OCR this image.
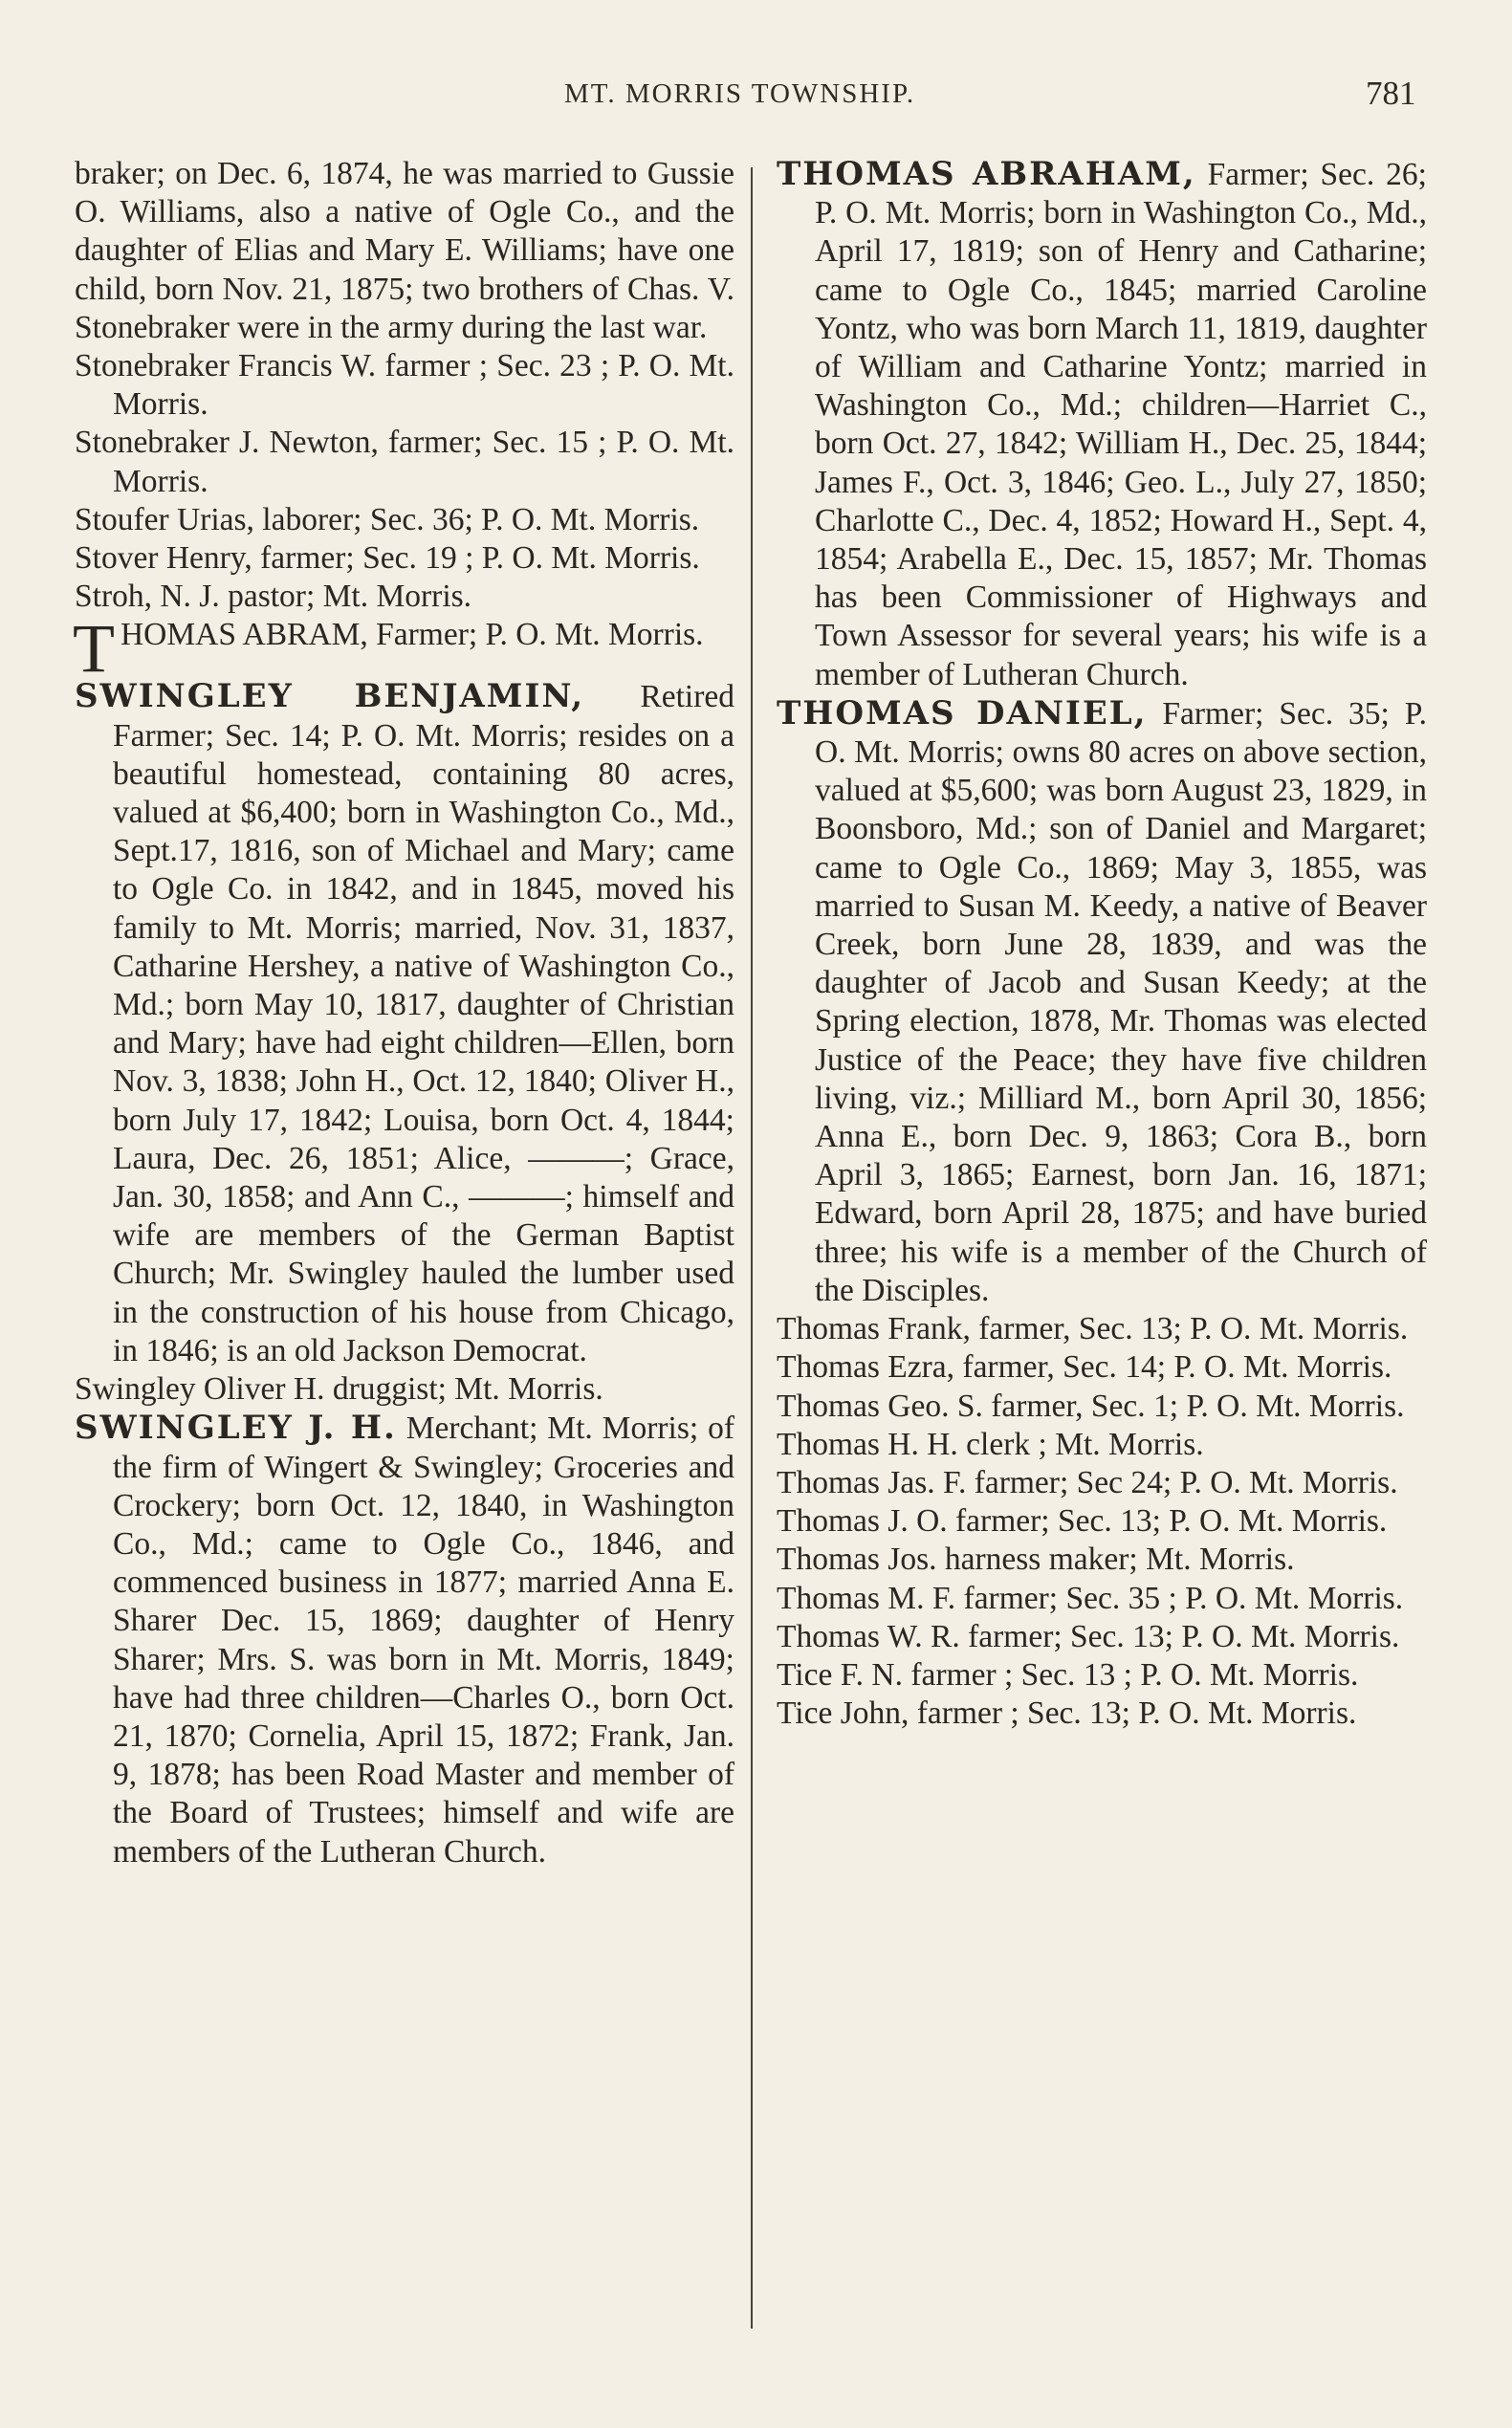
MT. MORRIS TOWNSHIP.	781

braker; on Dec. 6, 1874, he was married to Gussie O. Williams, also a native of Ogle Co., and the daughter of Elias and Mary E. Williams; have one child, born Nov. 21, 1875; two brothers of Chas. V. Stonebraker were in the army during the last war.

Stonebraker Francis W. farmer ; Sec. 23 ; P. O. Mt. Morris.

Stonebraker J. Newton, farmer; Sec. 15 ; P. O. Mt. Morris.

Stoufer Urias, laborer; Sec. 36; P. O. Mt. Morris.

Stover Henry, farmer; Sec. 19 ; P. O. Mt. Morris.

Stroh, N. J. pastor; Mt. Morris.

THOMAS ABRAM, Farmer; P. O. Mt. Morris.

SWINGLEY BENJAMIN, Retired Farmer; Sec. 14; P. O. Mt. Morris; resides on a beautiful homestead, containing 80 acres, valued at $6,400; born in Washington Co., Md., Sept.17, 1816, son of Michael and Mary; came to Ogle Co. in 1842, and in 1845, moved his family to Mt. Morris; married, Nov. 31, 1837, Catharine Hershey, a native of Washington Co., Md.; born May 10, 1817, daughter of Christian and Mary; have had eight children—Ellen, born Nov. 3, 1838; John H., Oct. 12, 1840; Oliver H., born July 17, 1842; Louisa, born Oct. 4, 1844; Laura, Dec. 26, 1851; Alice, ———; Grace, Jan. 30, 1858; and Ann C., ———; himself and wife are members of the German Baptist Church; Mr. Swingley hauled the lumber used in the construction of his house from Chicago, in 1846; is an old Jackson Democrat.

Swingley Oliver H. druggist; Mt. Morris.

SWINGLEY J. H. Merchant; Mt. Morris; of the firm of Wingert & Swingley; Groceries and Crockery; born Oct. 12, 1840, in Washington Co., Md.; came to Ogle Co., 1846, and commenced business in 1877; married Anna E. Sharer Dec. 15, 1869; daughter of Henry Sharer; Mrs. S. was born in Mt. Morris, 1849; have had three children—Charles O., born Oct. 21, 1870; Cornelia, April 15, 1872; Frank, Jan. 9, 1878; has been Road Master and member of the Board of Trustees; himself and wife are members of the Lutheran Church.

THOMAS ABRAHAM, Farmer; Sec. 26; P. O. Mt. Morris; born in Washington Co., Md., April 17, 1819; son of Henry and Catharine; came to Ogle Co., 1845; married Caroline Yontz, who was born March 11, 1819, daughter of William and Catharine Yontz; married in Washington Co., Md.; children—Harriet C., born Oct. 27, 1842; William H., Dec. 25, 1844; James F., Oct. 3, 1846; Geo. L., July 27, 1850; Charlotte C., Dec. 4, 1852; Howard H., Sept. 4, 1854; Arabella E., Dec. 15, 1857; Mr. Thomas has been Commissioner of Highways and Town Assessor for several years; his wife is a member of Lutheran Church.

THOMAS DANIEL, Farmer; Sec. 35; P. O. Mt. Morris; owns 80 acres on above section, valued at $5,600; was born August 23, 1829, in Boonsboro, Md.; son of Daniel and Margaret; came to Ogle Co., 1869; May 3, 1855, was married to Susan M. Keedy, a native of Beaver Creek, born June 28, 1839, and was the daughter of Jacob and Susan Keedy; at the Spring election, 1878, Mr. Thomas was elected Justice of the Peace; they have five children living, viz.; Milliard M., born April 30, 1856; Anna E., born Dec. 9, 1863; Cora B., born April 3, 1865; Earnest, born Jan. 16, 1871; Edward, born April 28, 1875; and have buried three; his wife is a member of the Church of the Disciples.

Thomas Frank, farmer, Sec. 13; P. O. Mt. Morris.

Thomas Ezra, farmer, Sec. 14; P. O. Mt. Morris.

Thomas Geo. S. farmer, Sec. 1; P. O. Mt. Morris.

Thomas H. H. clerk ; Mt. Morris.

Thomas Jas. F. farmer; Sec 24; P. O. Mt. Morris.

Thomas J. O. farmer; Sec. 13; P. O. Mt. Morris.

Thomas Jos. harness maker; Mt. Morris.

Thomas M. F. farmer; Sec. 35 ; P. O. Mt. Morris.

Thomas W. R. farmer; Sec. 13; P. O. Mt. Morris.

Tice F. N. farmer ; Sec. 13 ; P. O. Mt. Morris.

Tice John, farmer ; Sec. 13; P. O. Mt. Morris.
